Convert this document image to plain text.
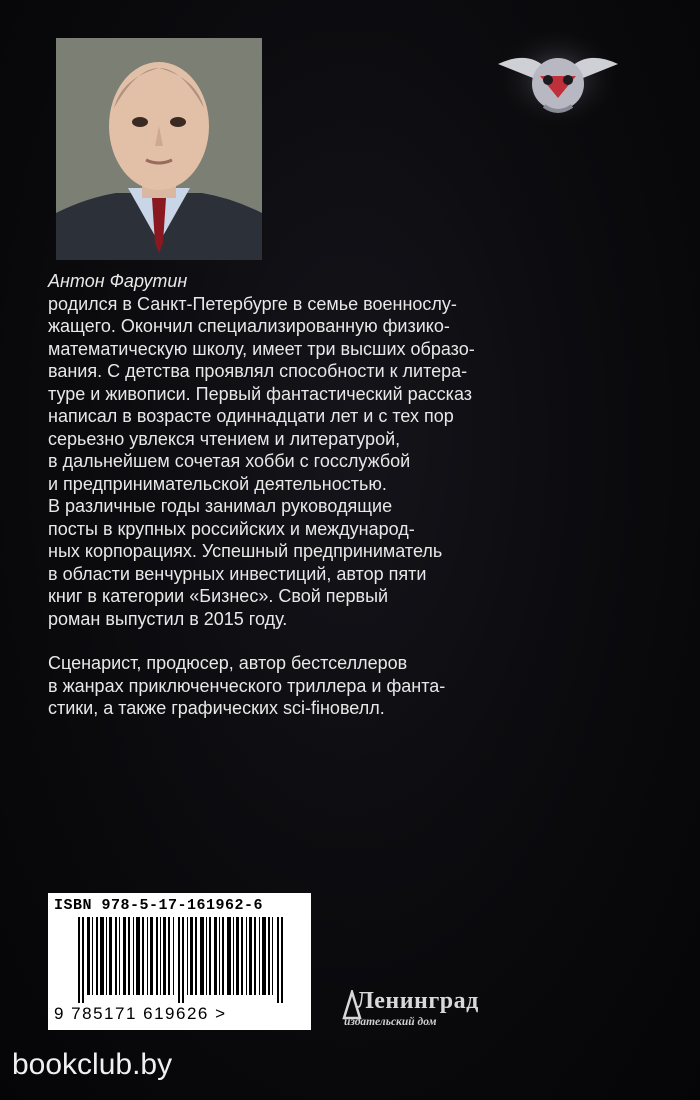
Антон Фарутин
родился в Санкт-Петербурге в семье военнослу-
жащего. Окончил специализированную физико-
математическую школу, имеет три высших образо-
вания. С детства проявлял способности к литера-
туре и живописи. Первый фантастический рассказ
написал в возрасте одиннадцати лет и с тех пор
серьезно увлекся чтением и литературой,
в дальнейшем сочетая хобби с госслужбой
и предпринимательской деятельностью.
В различные годы занимал руководящие
посты в крупных российских и международ-
ных корпорациях. Успешный предприниматель
в области венчурных инвестиций, автор пяти
книг в категории «Бизнес». Свой первый
роман выпустил в 2015 году.

Сценарист, продюсер, автор бестселлеров
в жанрах приключенческого триллера и фанта-
стики, а также графических sci-fiновелл.

ISBN 978-5-17-161962-6
9 785171 619626 >	Ленинград
издательский дом
bookclub.by
